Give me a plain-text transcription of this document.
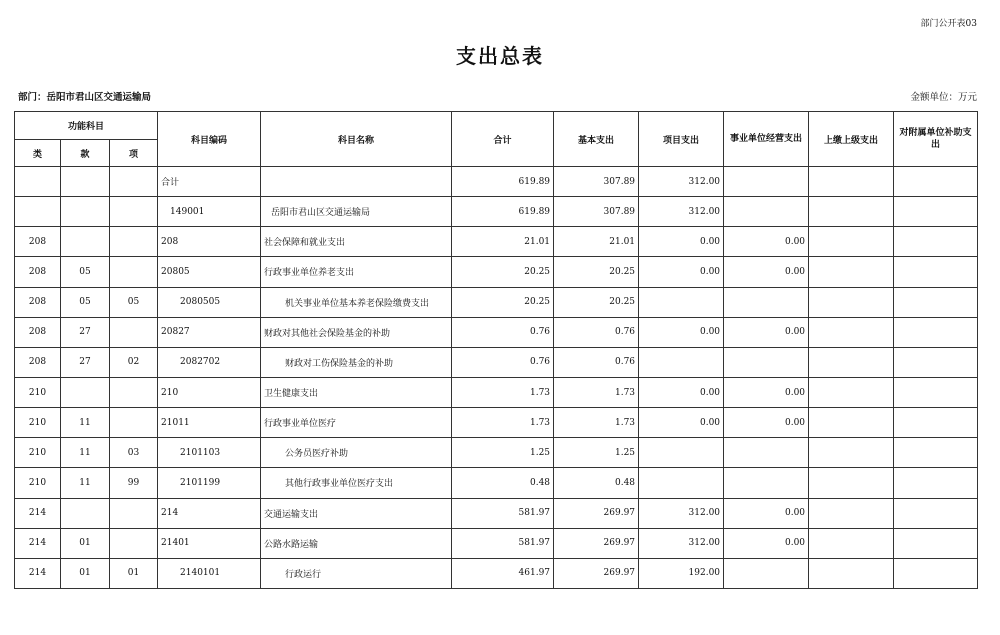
部门公开表03
支出总表
部门：岳阳市君山区交通运输局	金额单位：万元
功能科目			科目编码	科目名称	合计	基本支出	项目支出	事业单位经营支出	上缴上级支出	对附属单位补助支出
类	款	项								
			合计		619.89	307.89	312.00			
			149001	岳阳市君山区交通运输局	619.89	307.89	312.00			
208			208	社会保障和就业支出	21.01	21.01	0.00	0.00		
208	05		20805	行政事业单位养老支出	20.25	20.25	0.00	0.00		
208	05	05	2080505	机关事业单位基本养老保险缴费支出	20.25	20.25				
208	27		20827	财政对其他社会保险基金的补助	0.76	0.76	0.00	0.00		
208	27	02	2082702	财政对工伤保险基金的补助	0.76	0.76				
210			210	卫生健康支出	1.73	1.73	0.00	0.00		
210	11		21011	行政事业单位医疗	1.73	1.73	0.00	0.00		
210	11	03	2101103	公务员医疗补助	1.25	1.25				
210	11	99	2101199	其他行政事业单位医疗支出	0.48	0.48				
214			214	交通运输支出	581.97	269.97	312.00	0.00		
214	01		21401	公路水路运输	581.97	269.97	312.00	0.00		
214	01	01	2140101	行政运行	461.97	269.97	192.00			
